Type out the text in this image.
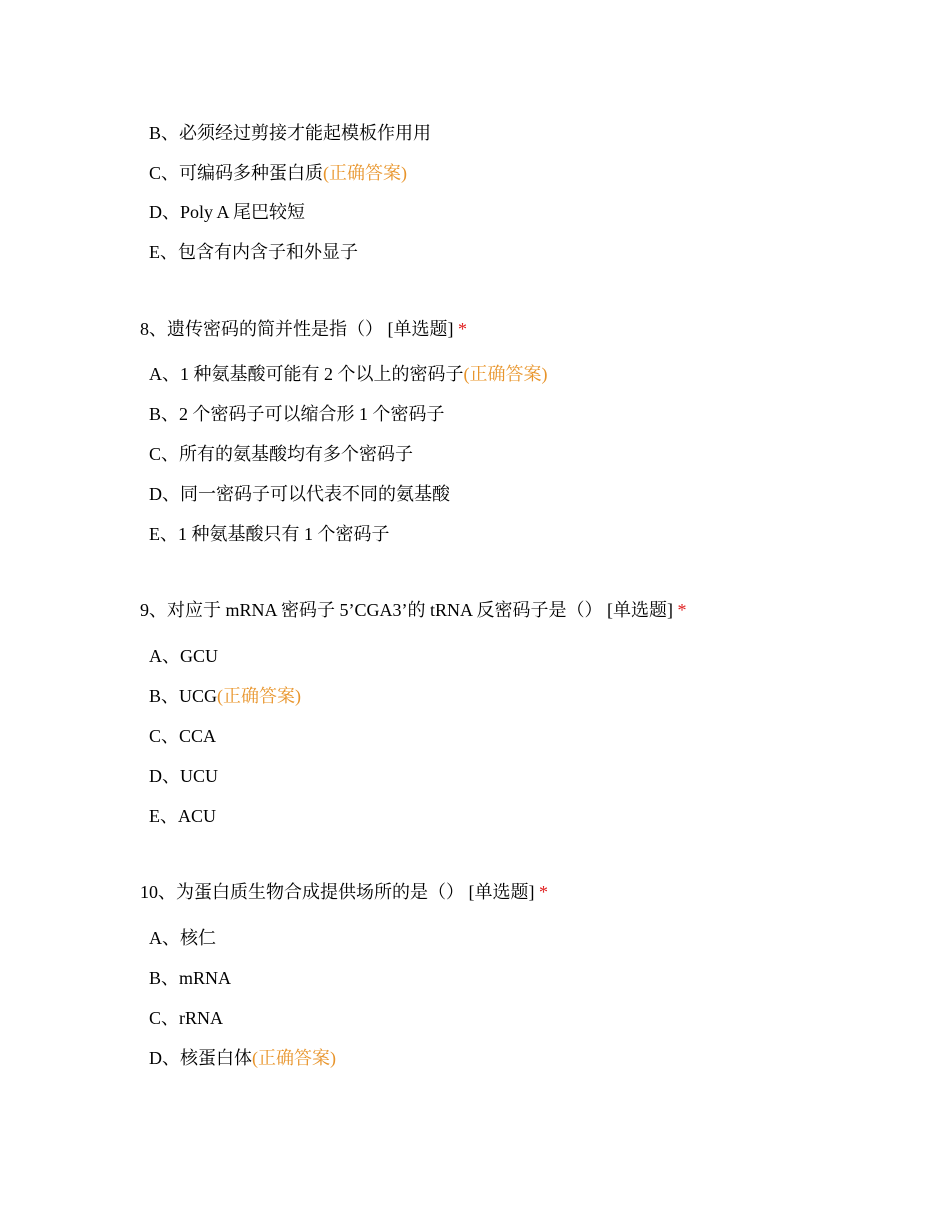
B、必须经过剪接才能起模板作用用
C、可编码多种蛋白质(正确答案)
D、Poly A 尾巴较短
E、包含有内含子和外显子
8、遗传密码的简并性是指（） [单选题] *
A、1 种氨基酸可能有 2 个以上的密码子(正确答案)
B、2 个密码子可以缩合形 1 个密码子
C、所有的氨基酸均有多个密码子
D、同一密码子可以代表不同的氨基酸
E、1 种氨基酸只有 1 个密码子
9、对应于 mRNA 密码子 5’CGA3’的 tRNA 反密码子是（） [单选题] *
A、GCU
B、UCG(正确答案)
C、CCA
D、UCU
E、ACU
10、为蛋白质生物合成提供场所的是（） [单选题] *
A、核仁
B、mRNA
C、rRNA
D、核蛋白体(正确答案)
